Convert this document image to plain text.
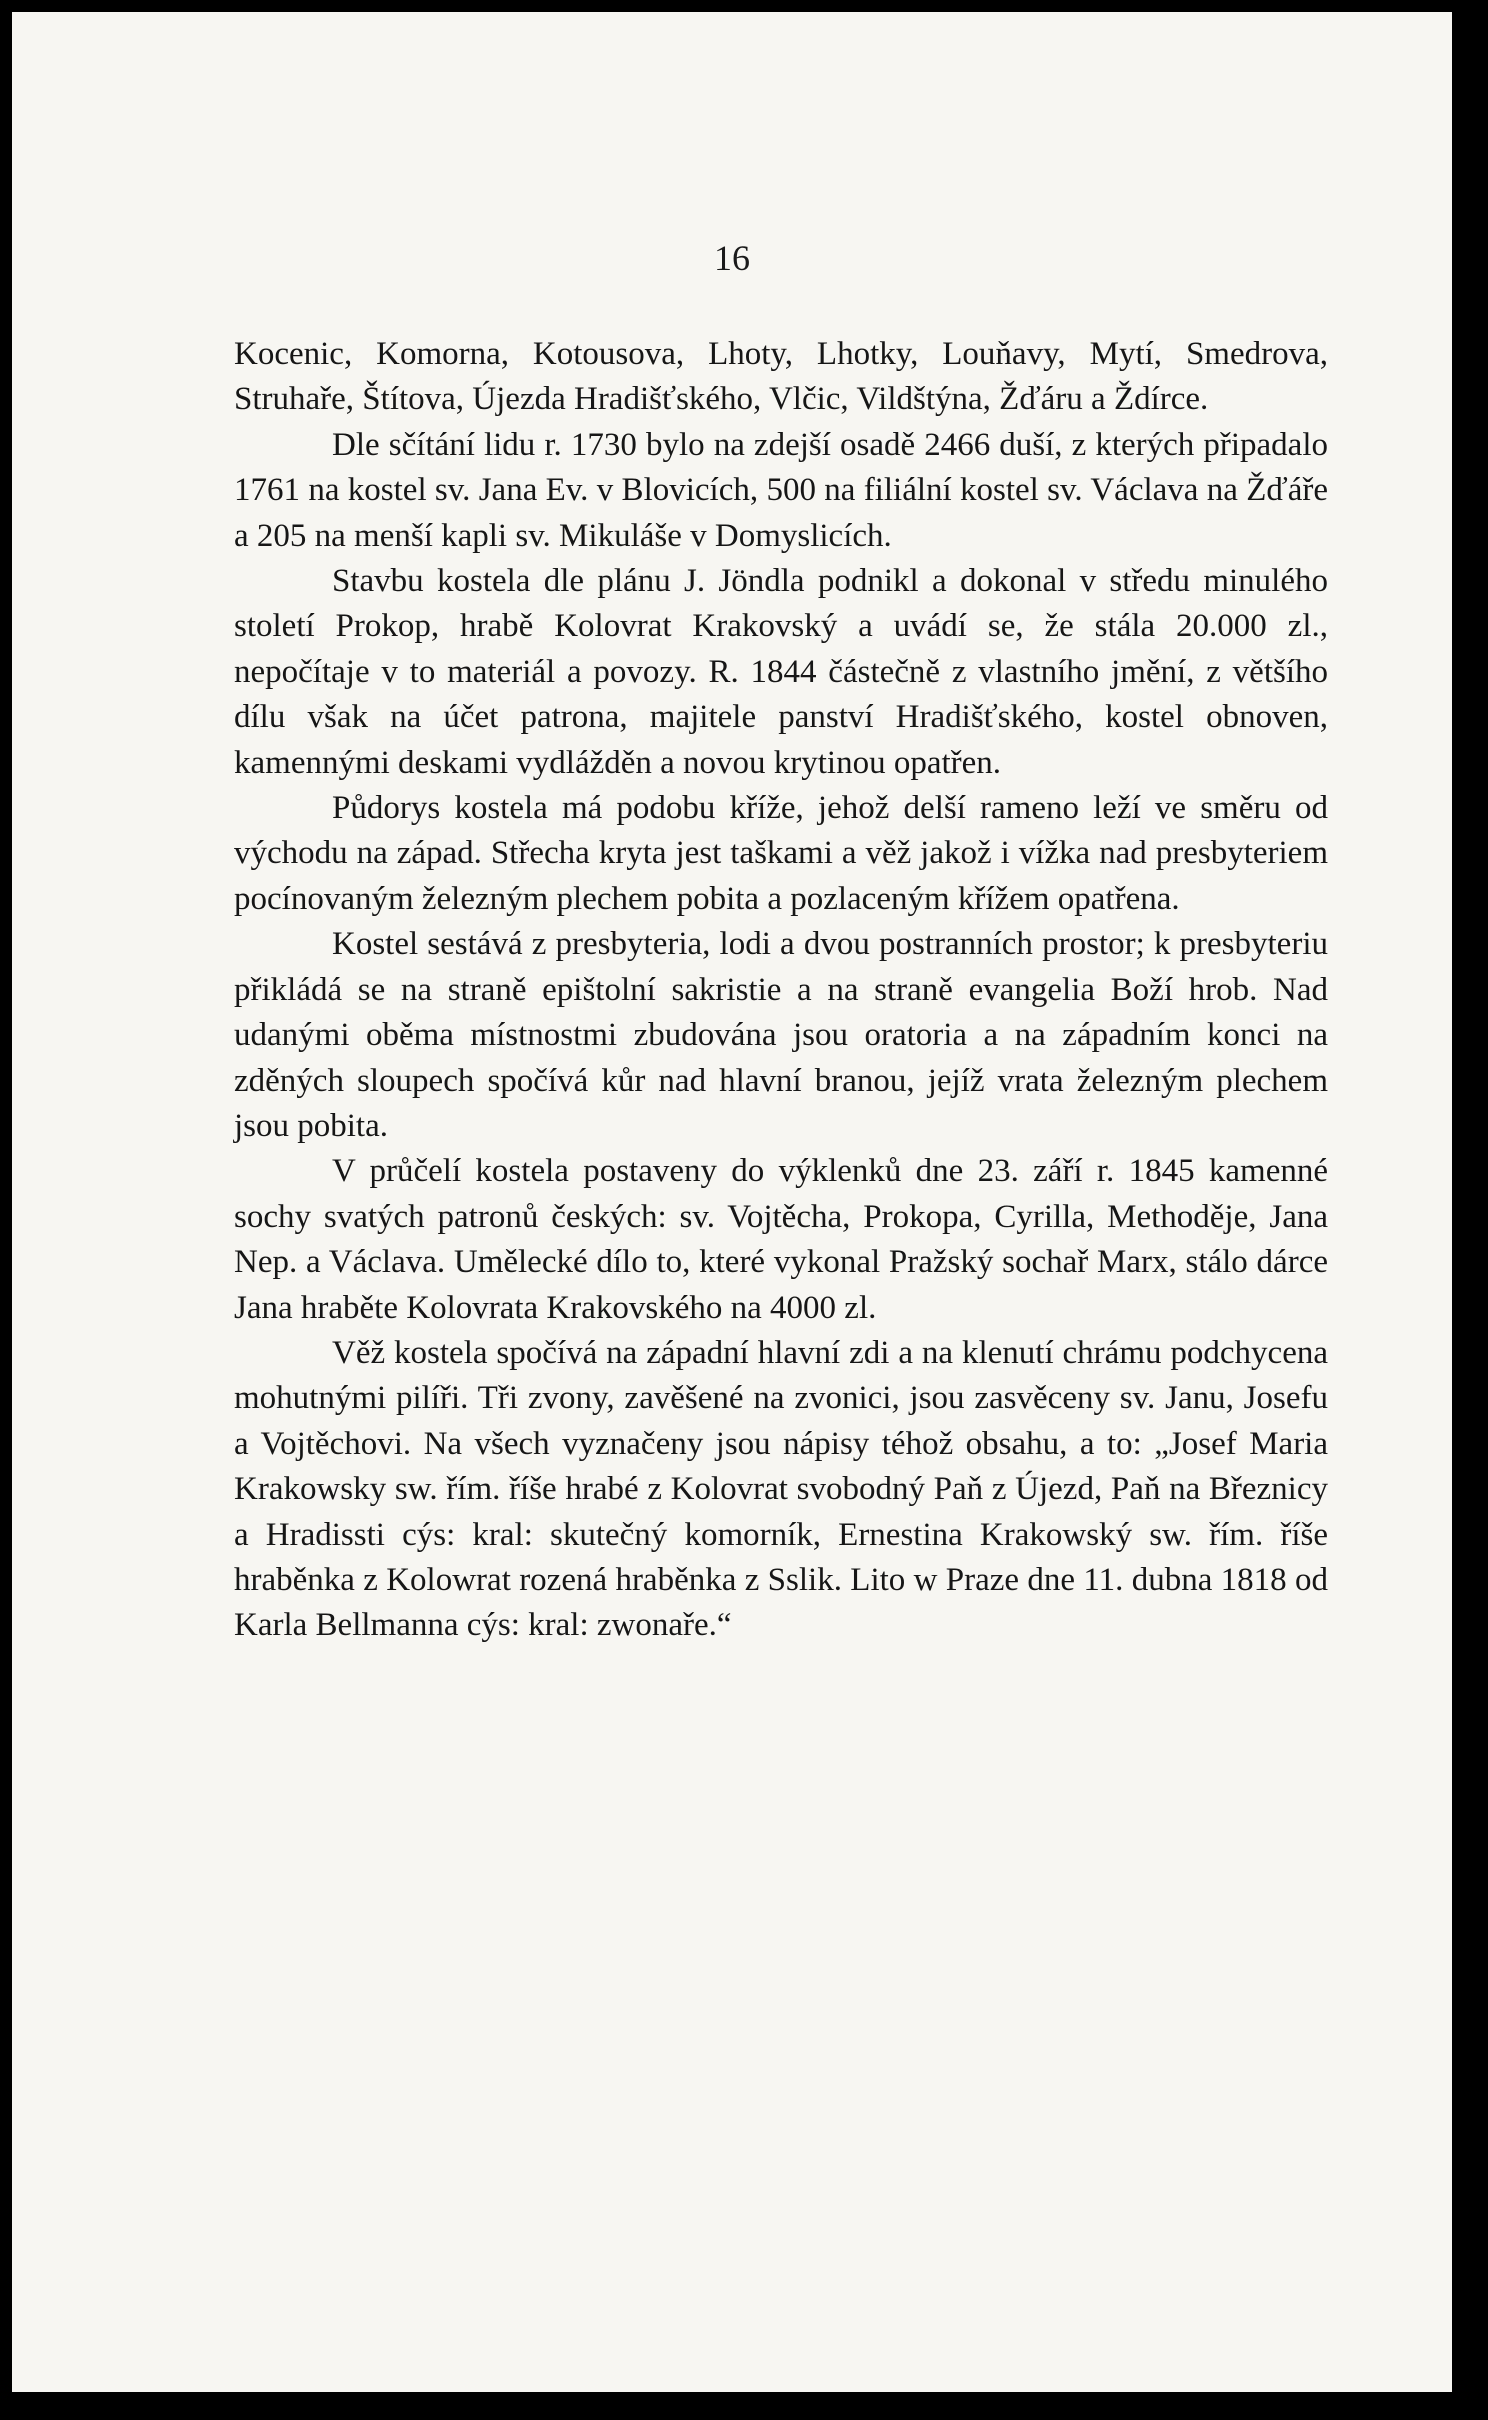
16

Kocenic, Komorna, Kotousova, Lhoty, Lhotky, Louňavy, Mytí, Smedrova, Struhaře, Štítova, Újezda Hradišťského, Vlčic, Vildštýna, Žďáru a Ždírce.

Dle sčítání lidu r. 1730 bylo na zdejší osadě 2466 duší, z kterých připadalo 1761 na kostel sv. Jana Ev. v Blovicích, 500 na filiální kostel sv. Václava na Žďáře a 205 na menší kapli sv. Mikuláše v Domyslicích.

Stavbu kostela dle plánu J. Jöndla podnikl a dokonal v středu minulého století Prokop, hrabě Kolovrat Krakovský a uvádí se, že stála 20.000 zl., nepočítaje v to materiál a povozy. R. 1844 částečně z vlastního jmění, z většího dílu však na účet patrona, majitele panství Hradišťského, kostel obnoven, kamennými deskami vydlážděn a novou krytinou opatřen.

Půdorys kostela má podobu kříže, jehož delší rameno leží ve směru od východu na západ. Střecha kryta jest taškami a věž jakož i vížka nad presbyteriem pocínovaným železným plechem pobita a pozlaceným křížem opatřena.

Kostel sestává z presbyteria, lodi a dvou postranních prostor; k presbyteriu přikládá se na straně epištolní sakristie a na straně evangelia Boží hrob. Nad udanými oběma místnostmi zbudována jsou oratoria a na západním konci na zděných sloupech spočívá kůr nad hlavní branou, jejíž vrata železným plechem jsou pobita.

V průčelí kostela postaveny do výklenků dne 23. září r. 1845 kamenné sochy svatých patronů českých: sv. Vojtěcha, Prokopa, Cyrilla, Methoděje, Jana Nep. a Václava. Umělecké dílo to, které vykonal Pražský sochař Marx, stálo dárce Jana hraběte Kolovrata Krakovského na 4000 zl.

Věž kostela spočívá na západní hlavní zdi a na klenutí chrámu podchycena mohutnými pilíři. Tři zvony, zavěšené na zvonici, jsou zasvěceny sv. Janu, Josefu a Vojtěchovi. Na všech vyznačeny jsou nápisy téhož obsahu, a to: „Josef Maria Krakowsky sw. řím. říše hrabé z Kolovrat svobodný Paň z Újezd, Paň na Březnicy a Hradissti cýs: kral: skutečný komorník, Ernestina Krakowský sw. řím. říše hraběnka z Kolowrat rozená hraběnka z Sslik. Lito w Praze dne 11. dubna 1818 od Karla Bellmanna cýs: kral: zwonaře.“
